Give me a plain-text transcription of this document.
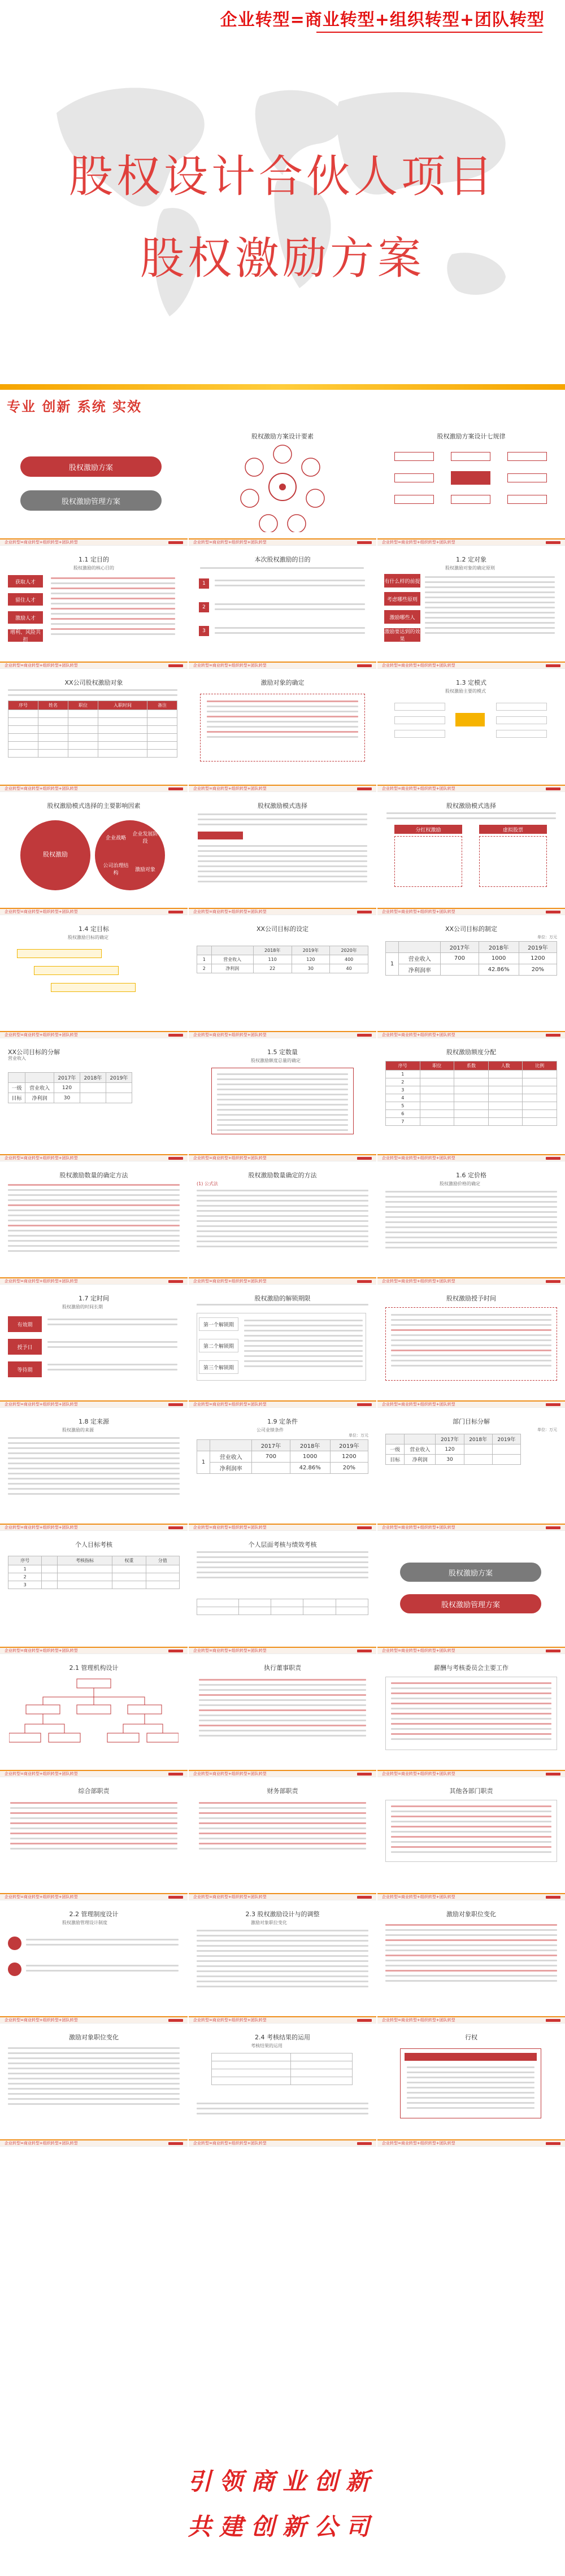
企业转型=商业转型+组织转型+团队转型
股权设计合伙人项目
股权激励方案
专业 创新 系统 实效
股权激励方案
股权激励管理方案
企业转型=商业转型+组织转型+团队转型
股权激励方案设计要素
企业转型=商业转型+组织转型+团队转型
股权激励方案设计七规律
企业转型=商业转型+组织转型+团队转型
1.1 定目的
股权激励的核心目的
获取人才
留住人才
激励人才
增利、风险共担
企业转型=商业转型+组织转型+团队转型
本次股权激励的目的
1
2
3
企业转型=商业转型+组织转型+团队转型
1.2 定对象
股权激励对象的确定原则
有什么样的前提
考虑哪些原则
激励哪些人
激励要达到的效果
企业转型=商业转型+组织转型+团队转型
XX公司股权激励对象
序号	姓名	职位	入职时间	备注

企业转型=商业转型+组织转型+团队转型
激励对象的确定
企业转型=商业转型+组织转型+团队转型
1.3 定模式
股权激励主要的模式
企业转型=商业转型+组织转型+团队转型
股权激励模式选择的主要影响因素
股权激励
企业战略
企业发展阶段
公司治理结构
激励对象
企业转型=商业转型+组织转型+团队转型
股权激励模式选择
企业转型=商业转型+组织转型+团队转型
股权激励模式选择
分红权激励	虚拟股票
企业转型=商业转型+组织转型+团队转型
1.4 定目标
股权激励目标的确定
企业转型=商业转型+组织转型+团队转型
XX公司目标的设定
		2018年	2019年	2020年
1	营业收入	110	120	400
2	净利润	22	30	40
企业转型=商业转型+组织转型+团队转型
XX公司目标的制定
单位：万元
		2017年	2018年	2019年
1	营业收入	700	1000	1200
	净利润率		42.86%	20%
企业转型=商业转型+组织转型+团队转型
XX公司目标的分解
营业收入
		2017年	2018年	2019年
一级	营业收入	120		
目标	净利润	30		
企业转型=商业转型+组织转型+团队转型
1.5 定数量
股权激励额度总量的确定
企业转型=商业转型+组织转型+团队转型
股权激励额度分配
序号	职位	系数	人数	比例
1				
2				
3				
4				
5				
6				
7				
企业转型=商业转型+组织转型+团队转型
股权激励数量的确定方法
企业转型=商业转型+组织转型+团队转型
股权激励数量确定的方法
(1) 公式法
企业转型=商业转型+组织转型+团队转型
1.6 定价格
股权激励价格的确定
企业转型=商业转型+组织转型+团队转型
1.7 定时间
股权激励的时间长期
有效期
授予日
等待期
企业转型=商业转型+组织转型+团队转型
股权激励的解锁期限
第一个解锁期
第二个解锁期
第三个解锁期
企业转型=商业转型+组织转型+团队转型
股权激励授予时间
企业转型=商业转型+组织转型+团队转型
1.8 定来源
股权激励的来源
企业转型=商业转型+组织转型+团队转型
1.9 定条件
公司业绩条件
单位：万元
		2017年	2018年	2019年
1	营业收入	700	1000	1200
	净利润率		42.86%	20%
企业转型=商业转型+组织转型+团队转型
部门目标分解
单位：万元
		2017年	2018年	2019年
一级	营业收入	120		
目标	净利润	30		
企业转型=商业转型+组织转型+团队转型
个人目标考核
序号		考核指标	权重	分值
1				
2				
3				
企业转型=商业转型+组织转型+团队转型
个人层面考核与绩效考核

企业转型=商业转型+组织转型+团队转型
股权激励方案
股权激励管理方案
企业转型=商业转型+组织转型+团队转型
2.1 管理机构设计
企业转型=商业转型+组织转型+团队转型
执行董事职责
企业转型=商业转型+组织转型+团队转型
薪酬与考核委员会主要工作
企业转型=商业转型+组织转型+团队转型
综合部职责
企业转型=商业转型+组织转型+团队转型
财务部职责
企业转型=商业转型+组织转型+团队转型
其他各部门职责
企业转型=商业转型+组织转型+团队转型
2.2 管理制度设计
股权激励管理设计制度
企业转型=商业转型+组织转型+团队转型
2.3 股权激励设计与的调整
激励对象职位变化
企业转型=商业转型+组织转型+团队转型
激励对象职位变化
企业转型=商业转型+组织转型+团队转型
激励对象职位变化
企业转型=商业转型+组织转型+团队转型
2.4 考核结果的运用
考核结果的运用

企业转型=商业转型+组织转型+团队转型
行权
企业转型=商业转型+组织转型+团队转型
引领商业创新
共建创新公司
